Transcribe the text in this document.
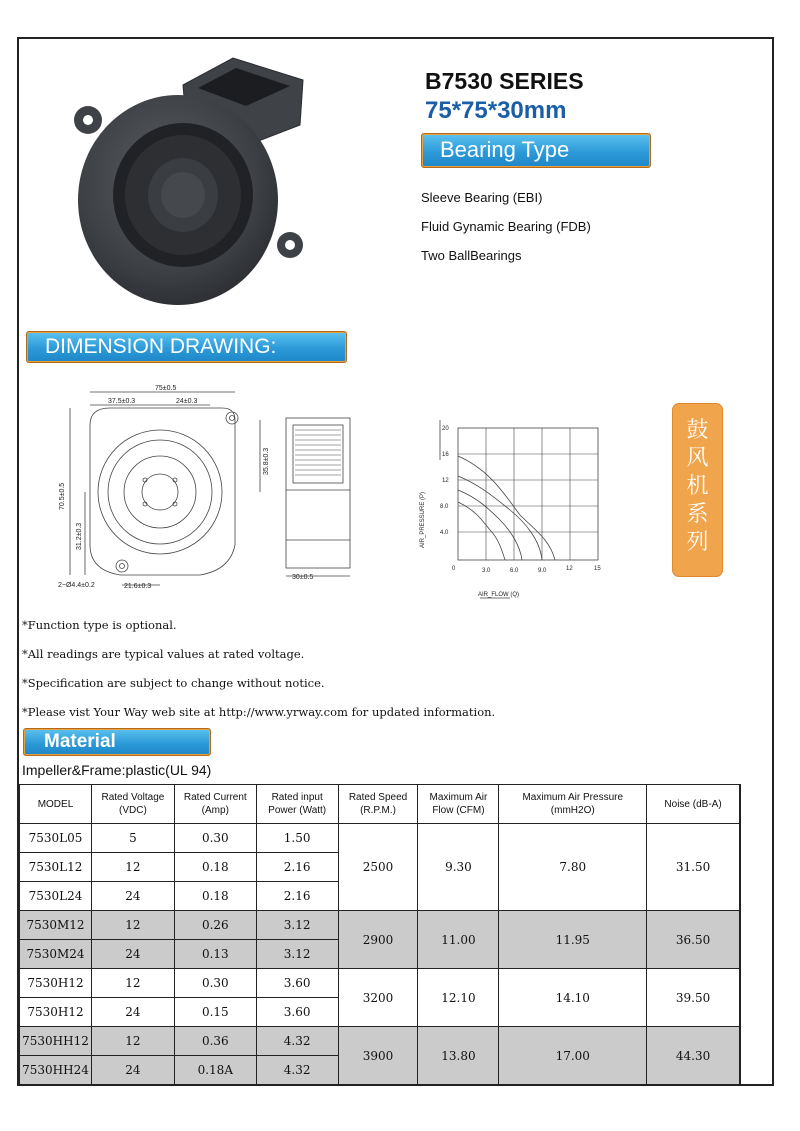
B7530 SERIES
75*75*30mm
Bearing Type
Sleeve Bearing (EBI)
Fluid Gynamic Bearing (FDB)
Two BallBearings
DIMENSION DRAWING:
75±0.5
37.5±0.3	24±0.3
70.5±0.5
31.2±0.3
35.8±0.3
2−Ø4.4±0.2	21.6±0.3
30±0.5
20
16
12
8.0
4.0
0	3.0	6.0	9.0	12	15
AIR_PRESSURE (P)
AIR_FLOW (Q)
鼓
风
机
系
列

*Function type is optional.

*All readings are typical values at rated voltage.

*Specification are subject to change without notice.

*Please vist Your Way web site at http://www.yrway.com for updated information.

Material
Impeller&Frame:plastic(UL 94)
MODEL	Rated Voltage (VDC)	Rated Current (Amp)	Rated input Power (Watt)	Rated Speed (R.P.M.)	Maximum Air Flow (CFM)	Maximum Air Pressure (mmH2O)	Noise (dB-A)
7530L05	5	0.30	1.50	2500	9.30	7.80	31.50
7530L12	12	0.18	2.16				
7530L24	24	0.18	2.16				
7530M12	12	0.26	3.12	2900	11.00	11.95	36.50
7530M24	24	0.13	3.12				
7530H12	12	0.30	3.60	3200	12.10	14.10	39.50
7530H12	24	0.15	3.60				
7530HH12	12	0.36	4.32	3900	13.80	17.00	44.30
7530HH24	24	0.18A	4.32				
